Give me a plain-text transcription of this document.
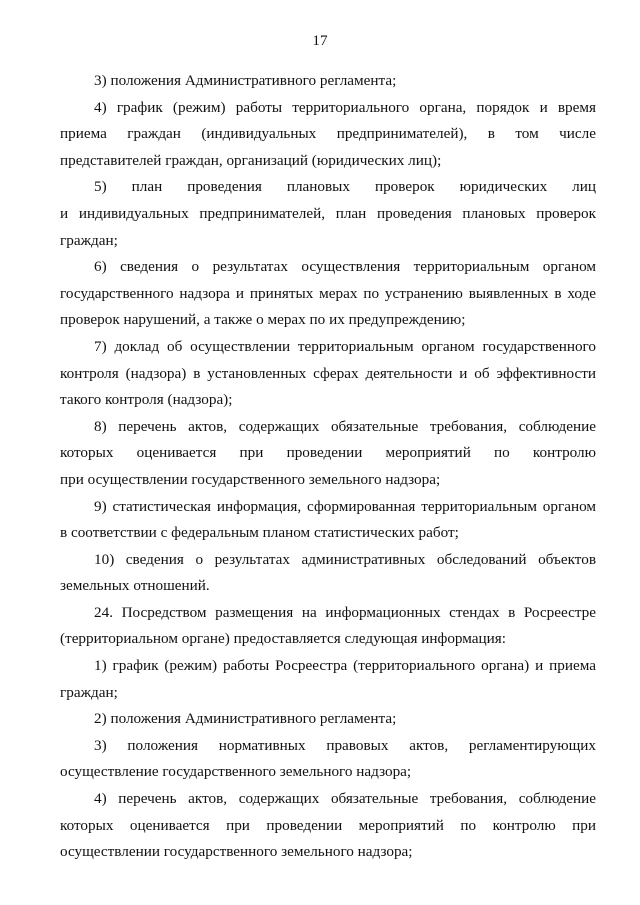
17
3) положения Административного регламента;
4) график (режим) работы территориального органа, порядок и время
приема граждан (индивидуальных предпринимателей), в том числе
представителей граждан, организаций (юридических лиц);
5) план проведения плановых проверок юридических лиц
и индивидуальных предпринимателей, план проведения плановых проверок
граждан;
6) сведения о результатах осуществления территориальным органом
государственного надзора и принятых мерах по устранению выявленных в ходе
проверок нарушений, а также о мерах по их предупреждению;
7) доклад об осуществлении территориальным органом государственного
контроля (надзора) в установленных сферах деятельности и об эффективности
такого контроля (надзора);
8) перечень актов, содержащих обязательные требования, соблюдение
которых оценивается при проведении мероприятий по контролю
при осуществлении государственного земельного надзора;
9) статистическая информация, сформированная территориальным органом
в соответствии с федеральным планом статистических работ;
10) сведения о результатах административных обследований объектов
земельных отношений.
24. Посредством размещения на информационных стендах в Росреестре
(территориальном органе) предоставляется следующая информация:
1) график (режим) работы Росреестра (территориального органа) и приема
граждан;
2) положения Административного регламента;
3) положения нормативных правовых актов, регламентирующих
осуществление государственного земельного надзора;
4) перечень актов, содержащих обязательные требования, соблюдение
которых оценивается при проведении мероприятий по контролю при
осуществлении государственного земельного надзора;
